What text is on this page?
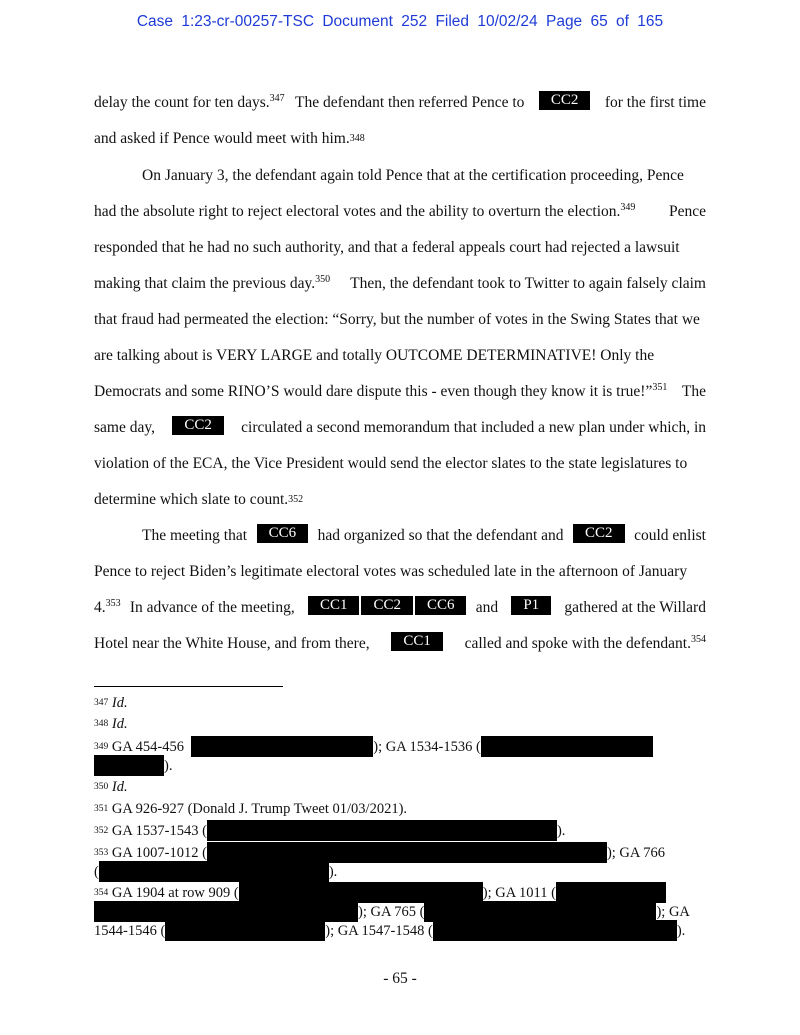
Case 1:23-cr-00257-TSC Document 252 Filed 10/02/24 Page 65 of 165
delay the count for ten days.$^{347}$ The defendant then referred Pence to	CC2	for the first time
and asked if Pence would meet with him. 348
On January 3, the defendant again told Pence that at the certification proceeding, Pence
had the absolute right to reject electoral votes and the ability to overturn the election.$^{349}$ Pence
responded that he had no such authority, and that a federal appeals court had rejected a lawsuit
making that claim the previous day.$^{350}$ Then, the defendant took to Twitter to again falsely claim
that fraud had permeated the election: “Sorry, but the number of votes in the Swing States that we
are talking about is VERY LARGE and totally OUTCOME DETERMINATIVE! Only the
Democrats and some RINO’S would dare dispute this - even though they know it is true!”$^{351}$ The
same day,	CC2	circulated a second memorandum that included a new plan under which, in
violation of the ECA, the Vice President would send the elector slates to the state legislatures to
determine which slate to count. 352
The meeting that	CC6	had organized so that the defendant and	CC2	could enlist
Pence to reject Biden’s legitimate electoral votes was scheduled late in the afternoon of January
4.$^{353}$ In advance of the meeting,	CC1 CC2 CC6	and	P1	gathered at the Willard
Hotel near the White House, and from there,	CC1	called and spoke with the defendant.$^{354}$
347
Id.
348
Id.
349
GA 454-456
	); GA 1534-1536 (
).
350
Id.
351
GA 926-927 (Donald J. Trump Tweet 01/03/2021).
352
GA 1537-1543 (	).
353
GA 1007-1012 (	); GA 766
(	).
354
GA 1904 at row 909 (	); GA 1011 (
); GA 765 (	); GA
1544-1546 (	); GA 1547-1548 (	).
- 65 -
